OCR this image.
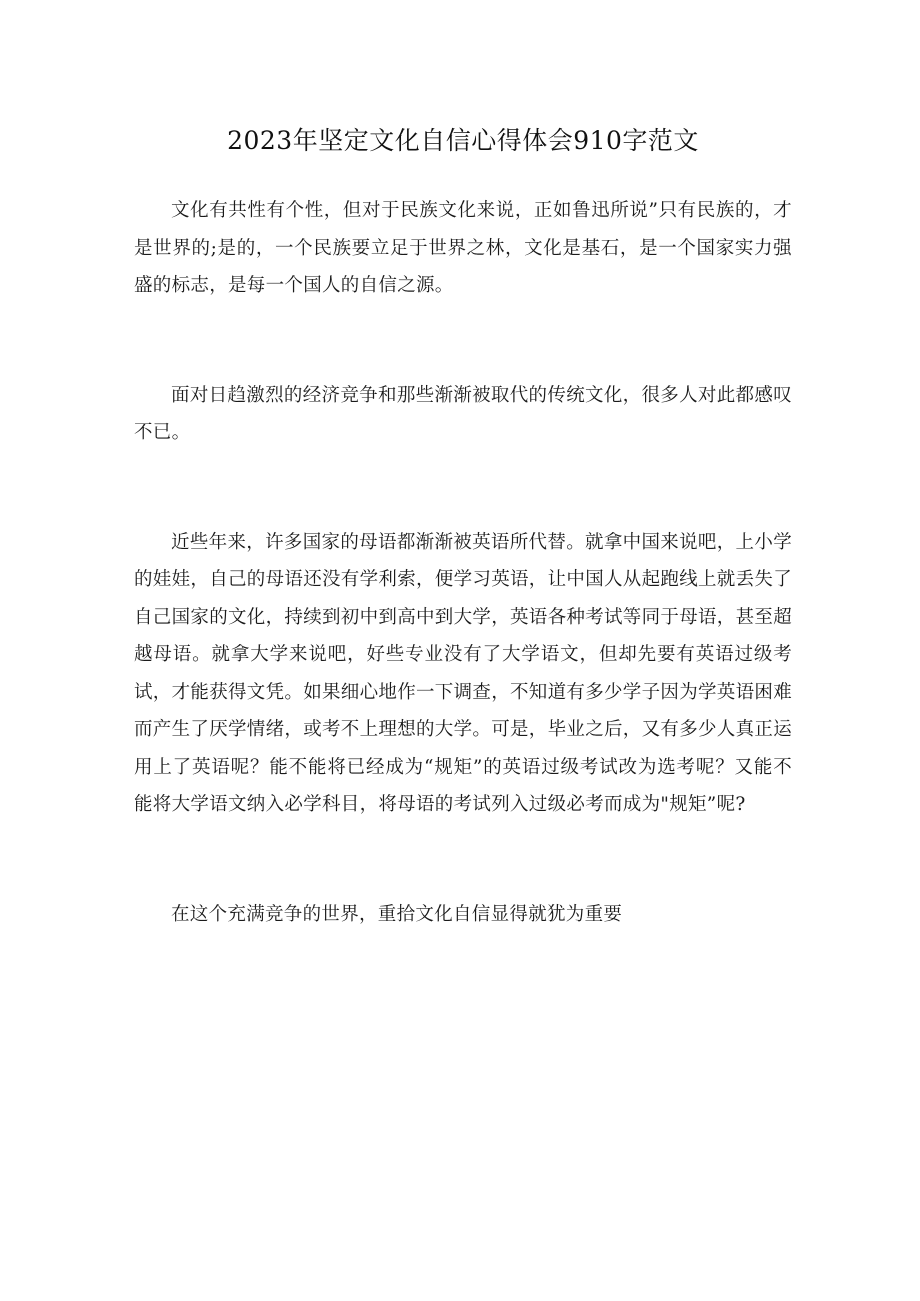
2023年坚定文化自信心得体会910字范文

文化有共性有个性，但对于民族文化来说，正如鲁迅所说”只有民族的，才是世界的;是的，一个民族要立足于世界之林，文化是基石，是一个国家实力强盛的标志，是每一个国人的自信之源。

面对日趋激烈的经济竞争和那些渐渐被取代的传统文化，很多人对此都感叹不已。

近些年来，许多国家的母语都渐渐被英语所代替。就拿中国来说吧，上小学的娃娃，自己的母语还没有学利索，便学习英语，让中国人从起跑线上就丢失了自己国家的文化，持续到初中到高中到大学，英语各种考试等同于母语，甚至超越母语。就拿大学来说吧，好些专业没有了大学语文，但却先要有英语过级考试，才能获得文凭。如果细心地作一下调查，不知道有多少学子因为学英语困难而产生了厌学情绪，或考不上理想的大学。可是，毕业之后，又有多少人真正运用上了英语呢？能不能将已经成为“规矩”的英语过级考试改为选考呢？又能不能将大学语文纳入必学科目，将母语的考试列入过级必考而成为"规矩”呢?

在这个充满竞争的世界，重拾文化自信显得就犹为重要
